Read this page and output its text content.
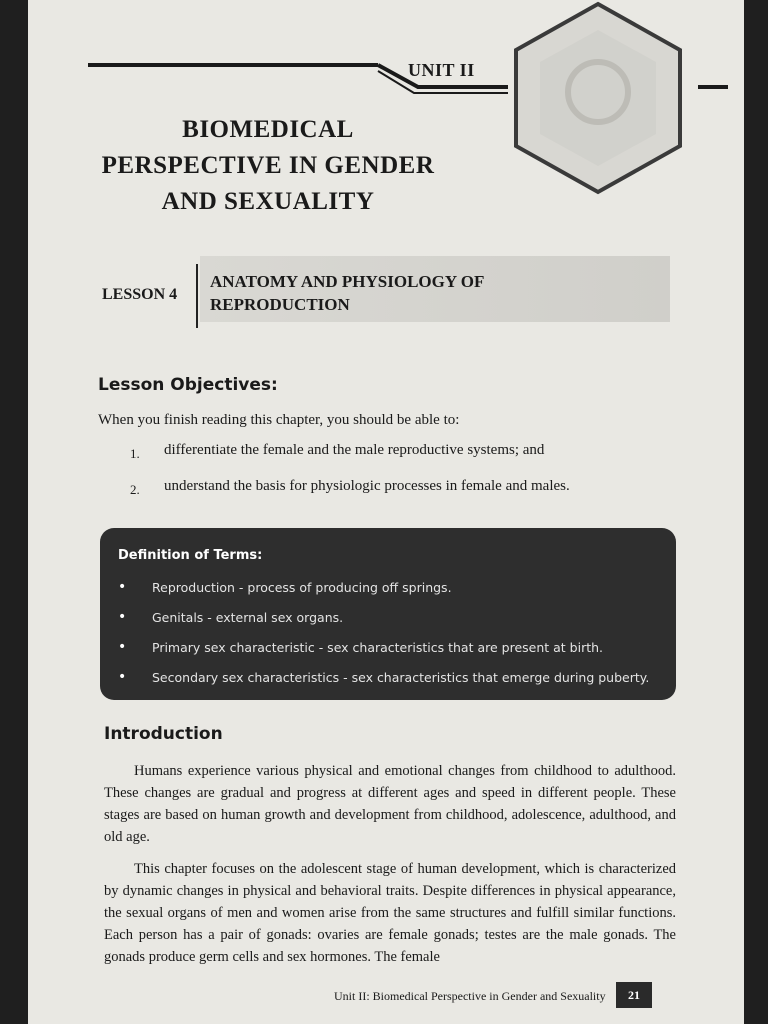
UNIT II
BIOMEDICAL
PERSPECTIVE IN GENDER
AND SEXUALITY
LESSON 4
ANATOMY AND PHYSIOLOGY OF
REPRODUCTION
Lesson Objectives:
When you finish reading this chapter, you should be able to:
1. differentiate the female and the male reproductive systems; and
2. understand the basis for physiologic processes in female and males.
Definition of Terms:
• Reproduction - process of producing off springs.
• Genitals - external sex organs.
• Primary sex characteristic - sex characteristics that are present at birth.
• Secondary sex characteristics - sex characteristics that emerge during puberty.
Introduction

Humans experience various physical and emotional changes from childhood to adulthood. These changes are gradual and progress at different ages and speed in different people. These stages are based on human growth and development from childhood, adolescence, adulthood, and old age.

This chapter focuses on the adolescent stage of human development, which is characterized by dynamic changes in physical and behavioral traits. Despite differences in physical appearance, the sexual organs of men and women arise from the same structures and fulfill similar functions. Each person has a pair of gonads: ovaries are female gonads; testes are the male gonads. The gonads produce germ cells and sex hormones. The female

Unit II: Biomedical Perspective in Gender and Sexuality	21
